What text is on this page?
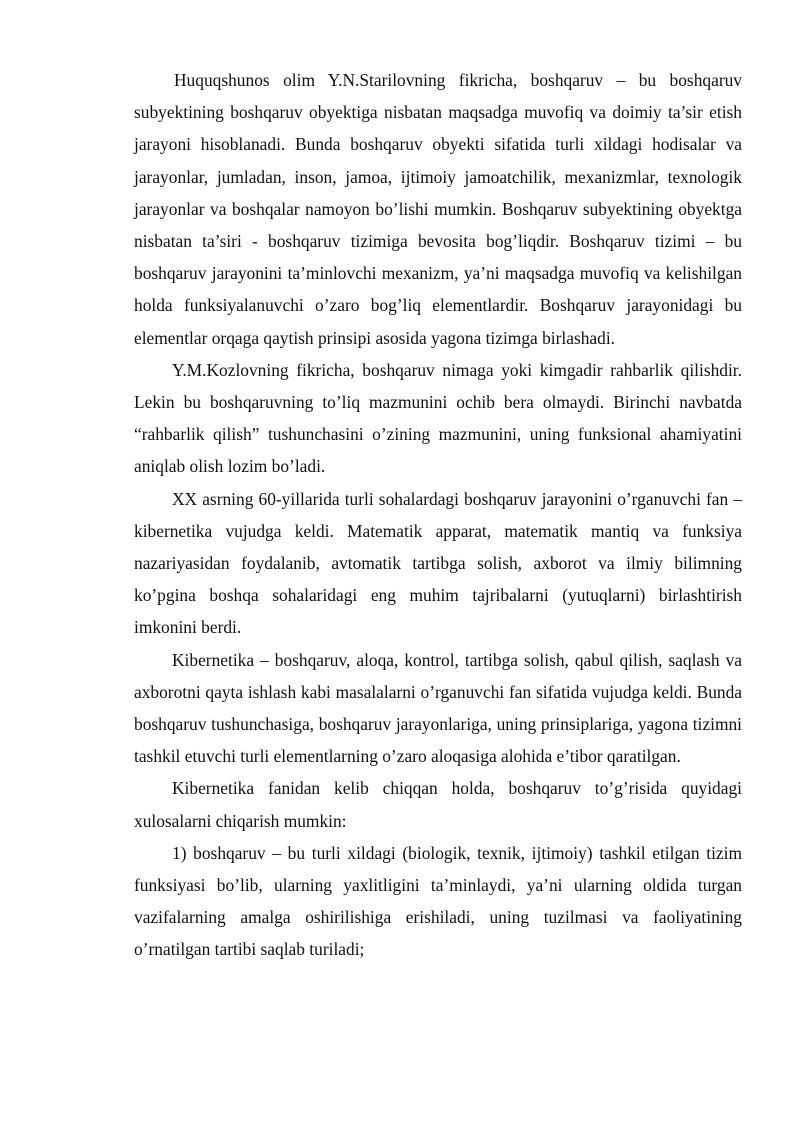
Huquqshunos olim Y.N.Starilovning fikricha, boshqaruv – bu boshqaruv subyektining boshqaruv obyektiga nisbatan maqsadga muvofiq va doimiy ta’sir etish jarayoni hisoblanadi. Bunda boshqaruv obyekti sifatida turli xildagi hodisalar va jarayonlar, jumladan, inson, jamoa, ijtimoiy jamoatchilik, mexanizmlar, texnologik jarayonlar va boshqalar namoyon bo’lishi mumkin. Boshqaruv subyektining obyektga nisbatan ta’siri - boshqaruv tizimiga bevosita bog’liqdir. Boshqaruv tizimi – bu boshqaruv jarayonini ta’minlovchi mexanizm, ya’ni maqsadga muvofiq va kelishilgan holda funksiyalanuvchi o’zaro bog’liq elementlardir. Boshqaruv jarayonidagi bu elementlar orqaga qaytish prinsipi asosida yagona tizimga birlashadi.

Y.M.Kozlovning fikricha, boshqaruv nimaga yoki kimgadir rahbarlik qilishdir. Lekin bu boshqaruvning to’liq mazmunini ochib bera olmaydi. Birinchi navbatda “rahbarlik qilish” tushunchasini o’zining mazmunini, uning funksional ahamiyatini aniqlab olish lozim bo’ladi.

XX asrning 60-yillarida turli sohalardagi boshqaruv jarayonini o’rganuvchi fan – kibernetika vujudga keldi. Matematik apparat, matematik mantiq va funksiya nazariyasidan foydalanib, avtomatik tartibga solish, axborot va ilmiy bilimning ko’pgina boshqa sohalaridagi eng muhim tajribalarni (yutuqlarni) birlashtirish imkonini berdi.

Kibernetika – boshqaruv, aloqa, kontrol, tartibga solish, qabul qilish, saqlash va axborotni qayta ishlash kabi masalalarni o’rganuvchi fan sifatida vujudga keldi. Bunda boshqaruv tushunchasiga, boshqaruv jarayonlariga, uning prinsiplariga, yagona tizimni tashkil etuvchi turli elementlarning o’zaro aloqasiga alohida e’tibor qaratilgan.

Kibernetika fanidan kelib chiqqan holda, boshqaruv to’g’risida quyidagi xulosalarni chiqarish mumkin:

1) boshqaruv – bu turli xildagi (biologik, texnik, ijtimoiy) tashkil etilgan tizim funksiyasi bo’lib, ularning yaxlitligini ta’minlaydi, ya’ni ularning oldida turgan vazifalarning amalga oshirilishiga erishiladi, uning tuzilmasi va faoliyatining o’rnatilgan tartibi saqlab turiladi;
